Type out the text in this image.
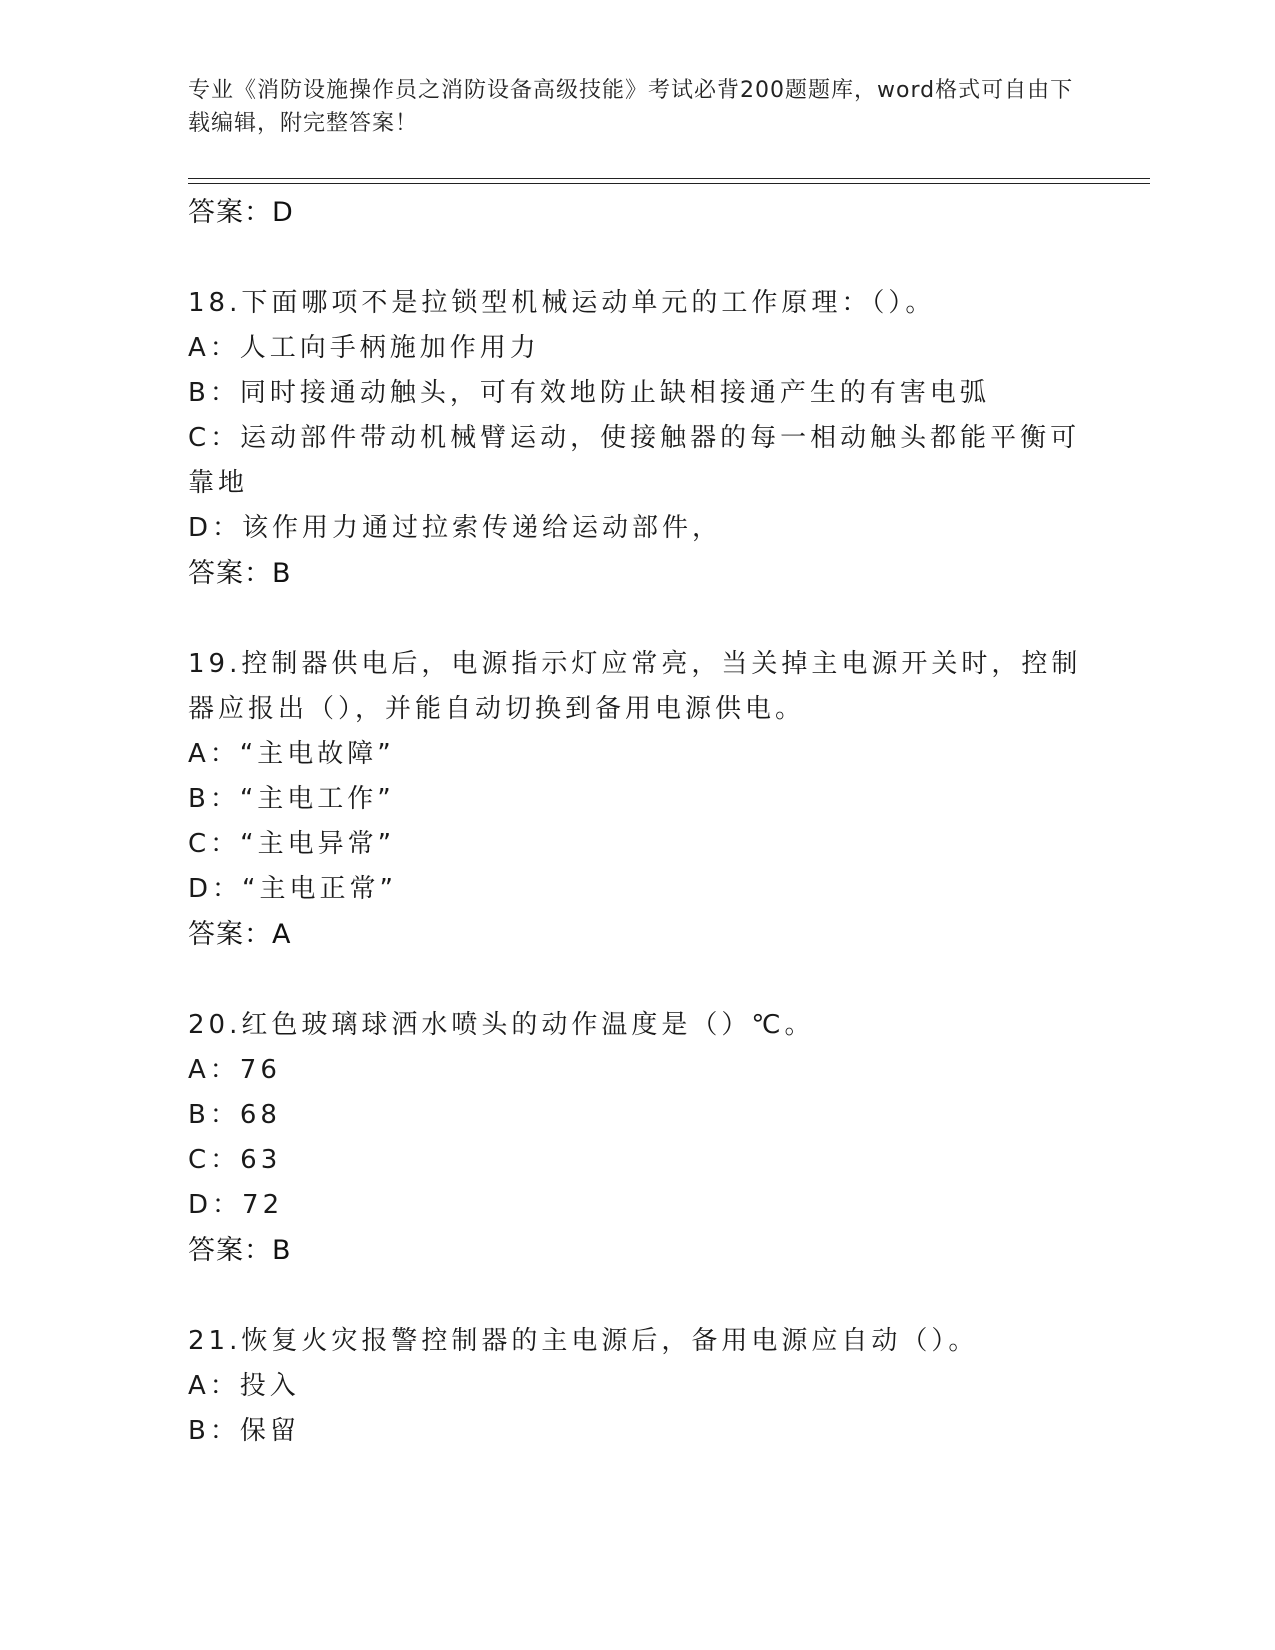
专业《消防设施操作员之消防设备高级技能》考试必背200题题库，word格式可自由下载编辑，附完整答案！
答案：D
18.下面哪项不是拉锁型机械运动单元的工作原理：（）。
A：人工向手柄施加作用力
B：同时接通动触头，可有效地防止缺相接通产生的有害电弧
C：运动部件带动机械臂运动，使接触器的每一相动触头都能平衡可靠地
D：该作用力通过拉索传递给运动部件，
答案：B
19.控制器供电后，电源指示灯应常亮，当关掉主电源开关时，控制器应报出（），并能自动切换到备用电源供电。
A：“主电故障”
B：“主电工作”
C：“主电异常”
D：“主电正常”
答案：A
20.红色玻璃球洒水喷头的动作温度是（）℃。
A：76
B：68
C：63
D：72
答案：B
21.恢复火灾报警控制器的主电源后，备用电源应自动（）。
A：投入
B：保留
